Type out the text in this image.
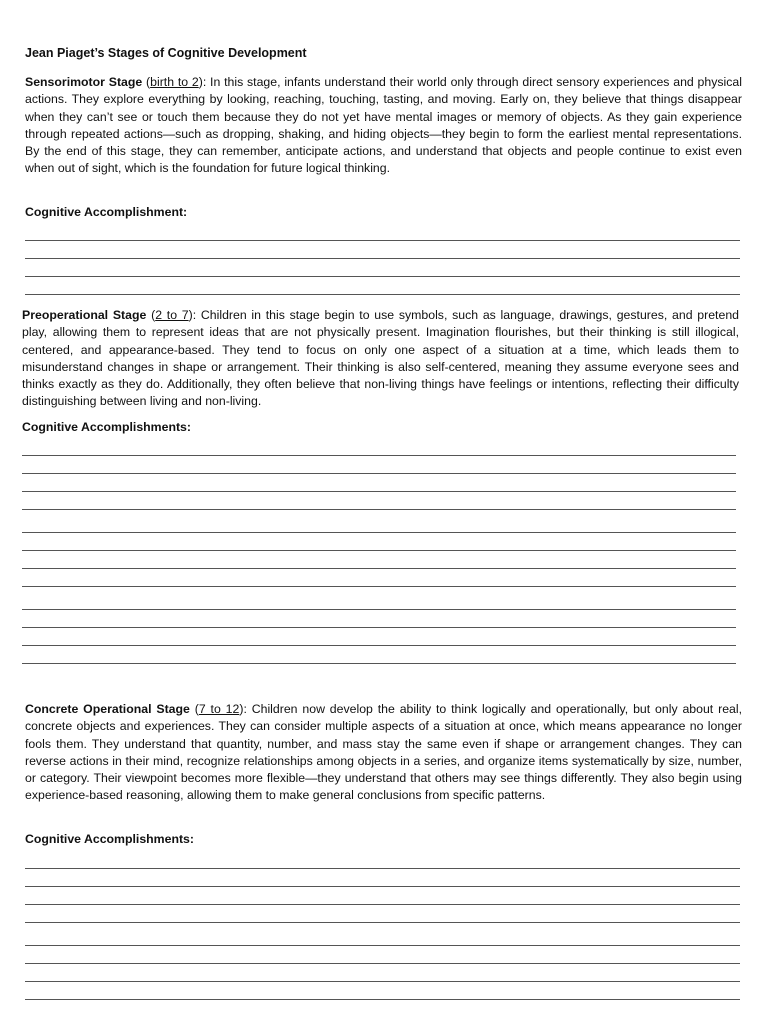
Jean Piaget’s Stages of Cognitive Development

Sensorimotor Stage (birth to 2): In this stage, infants understand their world only through direct sensory experiences and physical actions. They explore everything by looking, reaching, touching, tasting, and moving. Early on, they believe that things disappear when they can’t see or touch them because they do not yet have mental images or memory of objects. As they gain experience through repeated actions—such as dropping, shaking, and hiding objects—they begin to form the earliest mental representations. By the end of this stage, they can remember, anticipate actions, and understand that objects and people continue to exist even when out of sight, which is the foundation for future logical thinking.

Cognitive Accomplishment:

Preoperational Stage (2 to 7): Children in this stage begin to use symbols, such as language, drawings, gestures, and pretend play, allowing them to represent ideas that are not physically present. Imagination flourishes, but their thinking is still illogical, centered, and appearance-based. They tend to focus on only one aspect of a situation at a time, which leads them to misunderstand changes in shape or arrangement. Their thinking is also self-centered, meaning they assume everyone sees and thinks exactly as they do. Additionally, they often believe that non-living things have feelings or intentions, reflecting their difficulty distinguishing between living and non-living.

Cognitive Accomplishments:

Concrete Operational Stage (7 to 12): Children now develop the ability to think logically and operationally, but only about real, concrete objects and experiences. They can consider multiple aspects of a situation at once, which means appearance no longer fools them. They understand that quantity, number, and mass stay the same even if shape or arrangement changes. They can reverse actions in their mind, recognize relationships among objects in a series, and organize items systematically by size, number, or category. Their viewpoint becomes more flexible—they understand that others may see things differently. They also begin using experience-based reasoning, allowing them to make general conclusions from specific patterns.

Cognitive Accomplishments:
